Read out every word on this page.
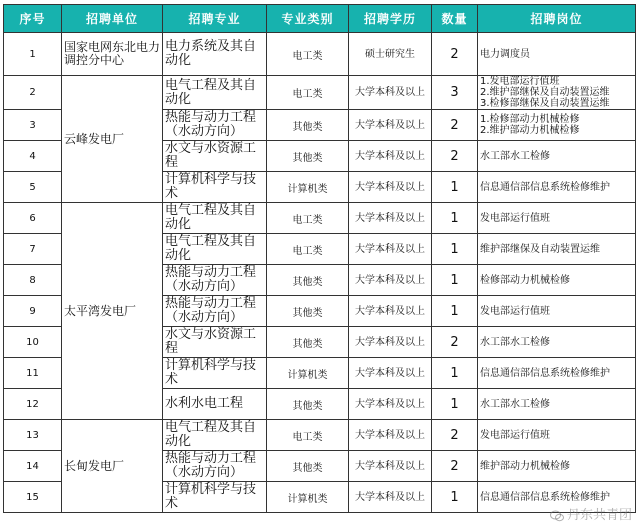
序号	招聘单位	招聘专业	专业类别	招聘学历	数量	招聘岗位
1	国家电网东北电力调控分中心	电力系统及其自动化	电工类	硕士研究生	2	电力调度员

2	云峰发电厂	电气工程及其自动化	电工类	大学本科及以上	3	1.发电部运行值班
2.维护部继保及自动装置运维
3.检修部继保及自动装置运维

3		热能与动力工程（水动方向）	其他类	大学本科及以上	2	1.检修部动力机械检修
2.维护部动力机械检修

4		水文与水资源工程	其他类	大学本科及以上	2	水工部水工检修

5		计算机科学与技术	计算机类	大学本科及以上	1	信息通信部信息系统检修维护

6	太平湾发电厂	电气工程及其自动化	电工类	大学本科及以上	1	发电部运行值班

7		电气工程及其自动化	电工类	大学本科及以上	1	维护部继保及自动装置运维

8		热能与动力工程（水动方向）	其他类	大学本科及以上	1	检修部动力机械检修

9		热能与动力工程（水动方向）	其他类	大学本科及以上	1	发电部运行值班

10		水文与水资源工程	其他类	大学本科及以上	2	水工部水工检修

11		计算机科学与技术	计算机类	大学本科及以上	1	信息通信部信息系统检修维护

12		水利水电工程	其他类	大学本科及以上	1	水工部水工检修

13	长甸发电厂	电气工程及其自动化	电工类	大学本科及以上	2	发电部运行值班

14		热能与动力工程（水动方向）	其他类	大学本科及以上	2	维护部动力机械检修

15		计算机科学与技术	计算机类	大学本科及以上	1	信息通信部信息系统检修维护
丹东共青团
